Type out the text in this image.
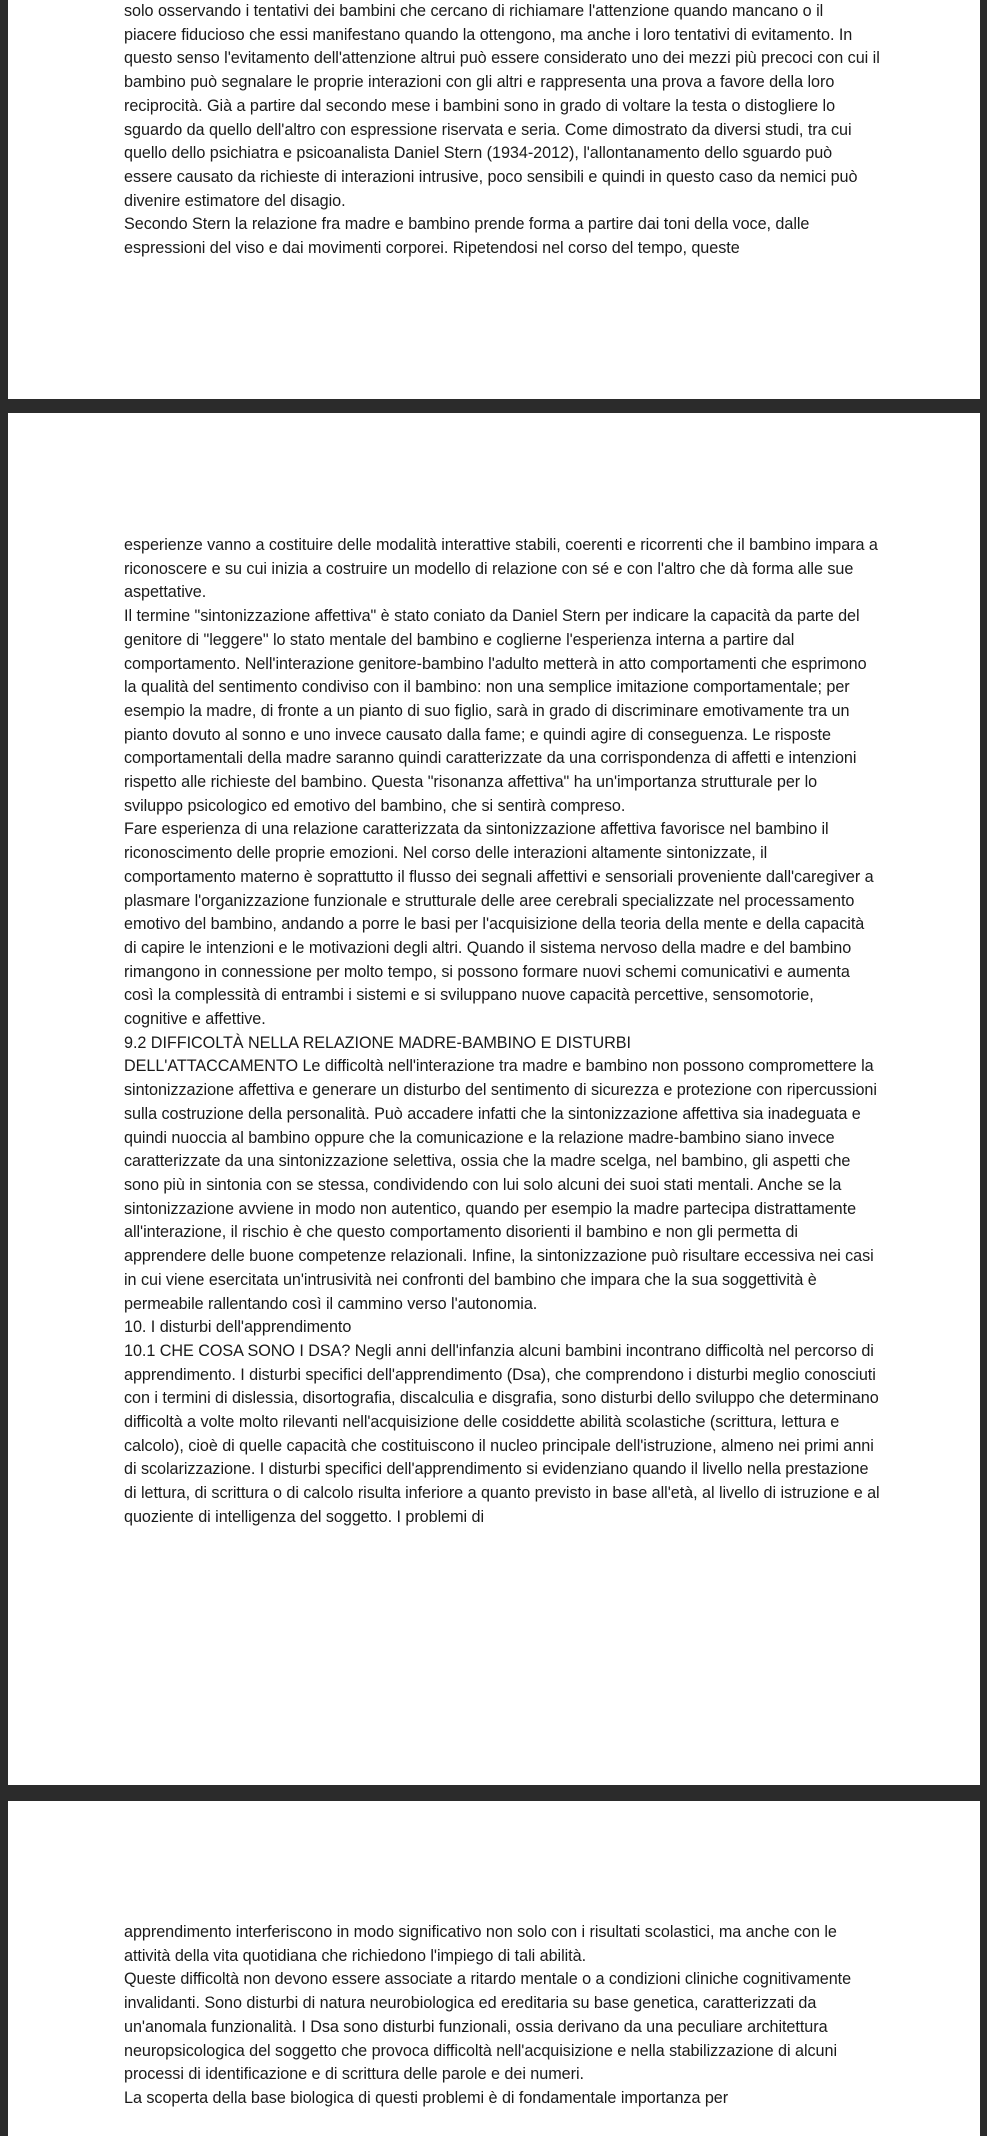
solo osservando i tentativi dei bambini che cercano di richiamare l'attenzione quando mancano o il piacere fiducioso che essi manifestano quando la ottengono, ma anche i loro tentativi di evitamento. In questo senso l'evitamento dell'attenzione altrui può essere considerato uno dei mezzi più precoci con cui il bambino può segnalare le proprie interazioni con gli altri e rappresenta una prova a favore della loro reciprocità. Già a partire dal secondo mese i bambini sono in grado di voltare la testa o distogliere lo sguardo da quello dell'altro con espressione riservata e seria. Come dimostrato da diversi studi, tra cui quello dello psichiatra e psicoanalista Daniel Stern (1934-2012), l'allontanamento dello sguardo può essere causato da richieste di interazioni intrusive, poco sensibili e quindi in questo caso da nemici può divenire estimatore del disagio.

Secondo Stern la relazione fra madre e bambino prende forma a partire dai toni della voce, dalle espressioni del viso e dai movimenti corporei. Ripetendosi nel corso del tempo, queste

esperienze vanno a costituire delle modalità interattive stabili, coerenti e ricorrenti che il bambino impara a riconoscere e su cui inizia a costruire un modello di relazione con sé e con l'altro che dà forma alle sue aspettative.

Il termine "sintonizzazione affettiva" è stato coniato da Daniel Stern per indicare la capacità da parte del genitore di "leggere" lo stato mentale del bambino e coglierne l'esperienza interna a partire dal comportamento. Nell'interazione genitore-bambino l'adulto metterà in atto comportamenti che esprimono la qualità del sentimento condiviso con il bambino: non una semplice imitazione comportamentale; per esempio la madre, di fronte a un pianto di suo figlio, sarà in grado di discriminare emotivamente tra un pianto dovuto al sonno e uno invece causato dalla fame; e quindi agire di conseguenza. Le risposte comportamentali della madre saranno quindi caratterizzate da una corrispondenza di affetti e intenzioni rispetto alle richieste del bambino. Questa "risonanza affettiva" ha un'importanza strutturale per lo sviluppo psicologico ed emotivo del bambino, che si sentirà compreso.

Fare esperienza di una relazione caratterizzata da sintonizzazione affettiva favorisce nel bambino il riconoscimento delle proprie emozioni. Nel corso delle interazioni altamente sintonizzate, il comportamento materno è soprattutto il flusso dei segnali affettivi e sensoriali proveniente dall'caregiver a plasmare l'organizzazione funzionale e strutturale delle aree cerebrali specializzate nel processamento emotivo del bambino, andando a porre le basi per l'acquisizione della teoria della mente e della capacità di capire le intenzioni e le motivazioni degli altri. Quando il sistema nervoso della madre e del bambino rimangono in connessione per molto tempo, si possono formare nuovi schemi comunicativi e aumenta così la complessità di entrambi i sistemi e si sviluppano nuove capacità percettive, sensomotorie, cognitive e affettive.

9.2 DIFFICOLTÀ NELLA RELAZIONE MADRE-BAMBINO E DISTURBI

DELL'ATTACCAMENTO Le difficoltà nell'interazione tra madre e bambino non possono compromettere la sintonizzazione affettiva e generare un disturbo del sentimento di sicurezza e protezione con ripercussioni sulla costruzione della personalità. Può accadere infatti che la sintonizzazione affettiva sia inadeguata e quindi nuoccia al bambino oppure che la comunicazione e la relazione madre-bambino siano invece caratterizzate da una sintonizzazione selettiva, ossia che la madre scelga, nel bambino, gli aspetti che sono più in sintonia con se stessa, condividendo con lui solo alcuni dei suoi stati mentali. Anche se la sintonizzazione avviene in modo non autentico, quando per esempio la madre partecipa distrattamente all'interazione, il rischio è che questo comportamento disorienti il bambino e non gli permetta di apprendere delle buone competenze relazionali. Infine, la sintonizzazione può risultare eccessiva nei casi in cui viene esercitata un'intrusività nei confronti del bambino che impara che la sua soggettività è permeabile rallentando così il cammino verso l'autonomia.

10. I disturbi dell'apprendimento

10.1 CHE COSA SONO I DSA? Negli anni dell'infanzia alcuni bambini incontrano difficoltà nel percorso di apprendimento. I disturbi specifici dell'apprendimento (Dsa), che comprendono i disturbi meglio conosciuti con i termini di dislessia, disortografia, discalculia e disgrafia, sono disturbi dello sviluppo che determinano difficoltà a volte molto rilevanti nell'acquisizione delle cosiddette abilità scolastiche (scrittura, lettura e calcolo), cioè di quelle capacità che costituiscono il nucleo principale dell'istruzione, almeno nei primi anni di scolarizzazione. I disturbi specifici dell'apprendimento si evidenziano quando il livello nella prestazione di lettura, di scrittura o di calcolo risulta inferiore a quanto previsto in base all'età, al livello di istruzione e al quoziente di intelligenza del soggetto. I problemi di

apprendimento interferiscono in modo significativo non solo con i risultati scolastici, ma anche con le attività della vita quotidiana che richiedono l'impiego di tali abilità.

Queste difficoltà non devono essere associate a ritardo mentale o a condizioni cliniche cognitivamente invalidanti. Sono disturbi di natura neurobiologica ed ereditaria su base genetica, caratterizzati da un'anomala funzionalità. I Dsa sono disturbi funzionali, ossia derivano da una peculiare architettura neuropsicologica del soggetto che provoca difficoltà nell'acquisizione e nella stabilizzazione di alcuni processi di identificazione e di scrittura delle parole e dei numeri.

La scoperta della base biologica di questi problemi è di fondamentale importanza per
